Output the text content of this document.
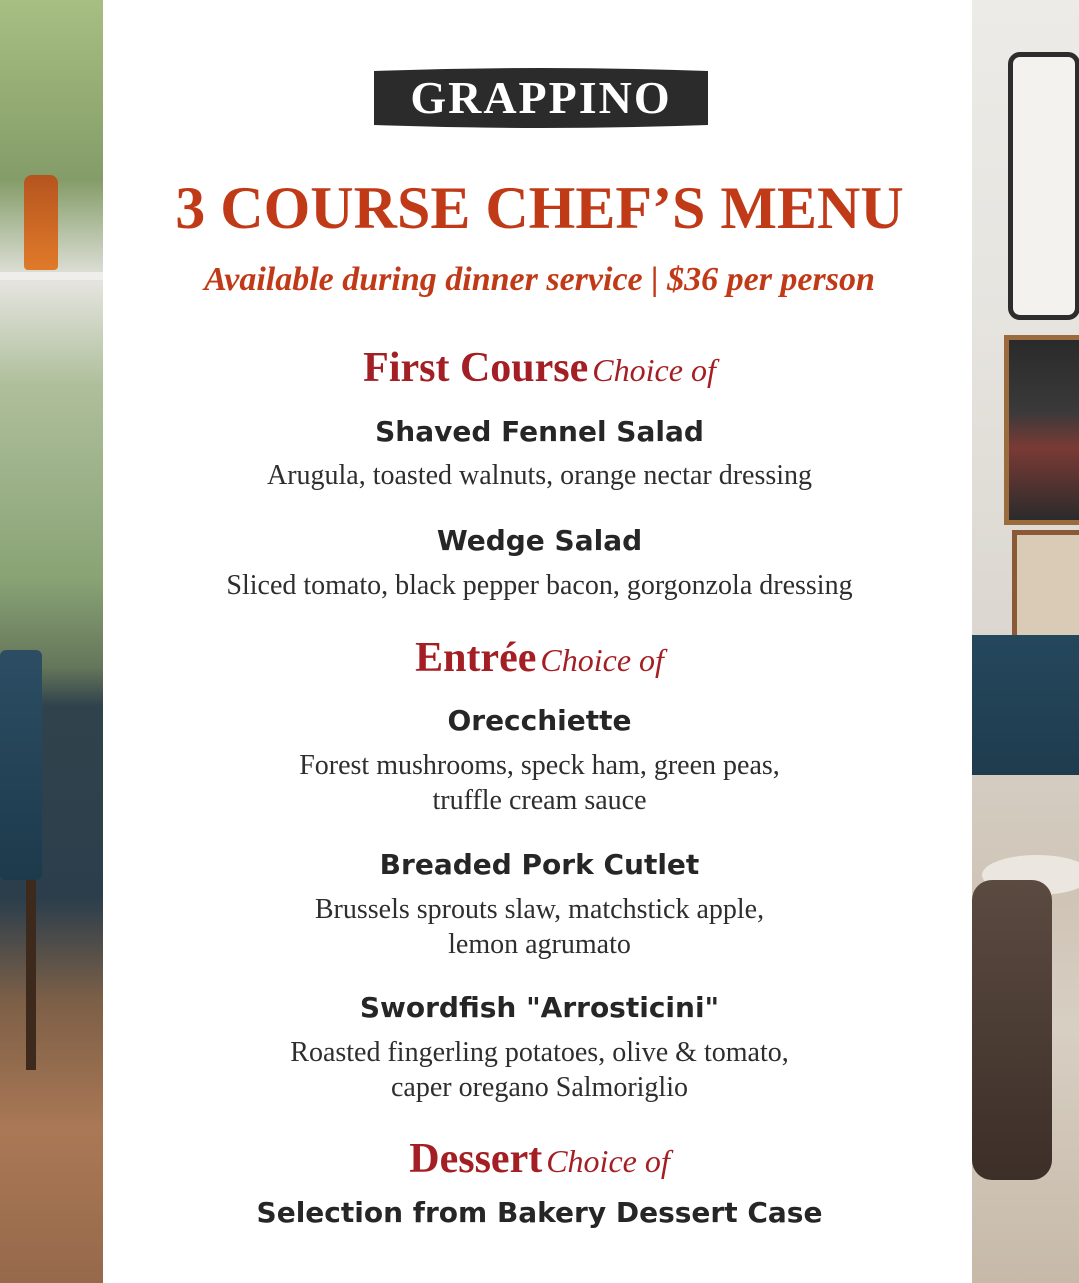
GRAPPINO
3 COURSE CHEF’S MENU
Available during dinner service | $36 per person
First Course Choice of
Shaved Fennel Salad
Arugula, toasted walnuts, orange nectar dressing
Wedge Salad
Sliced tomato, black pepper bacon, gorgonzola dressing
Entrée Choice of
Orecchiette
Forest mushrooms, speck ham, green peas,
truffle cream sauce
Breaded Pork Cutlet
Brussels sprouts slaw, matchstick apple,
lemon agrumato
Swordfish "Arrosticini"
Roasted fingerling potatoes, olive & tomato,
caper oregano Salmoriglio
Dessert Choice of
Selection from Bakery Dessert Case
